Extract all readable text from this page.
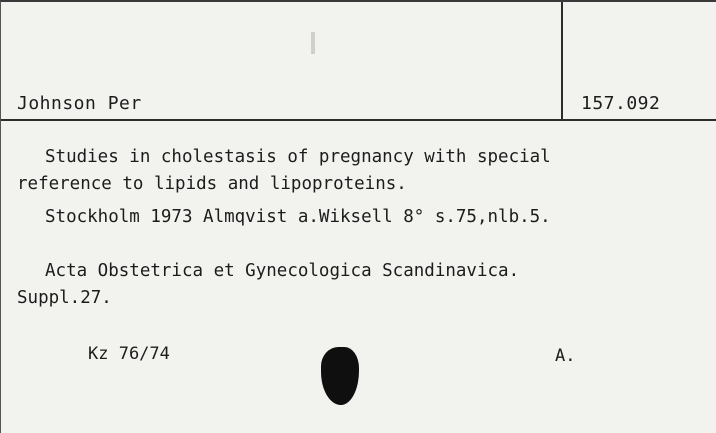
Johnson Per	157.092
Studies in cholestasis of pregnancy with special
reference to lipids and lipoproteins.
Stockholm 1973 Almqvist a.Wiksell 8° s.75,nlb.5.
Acta Obstetrica et Gynecologica Scandinavica.
Suppl.27.
Kz 76/74	A.
